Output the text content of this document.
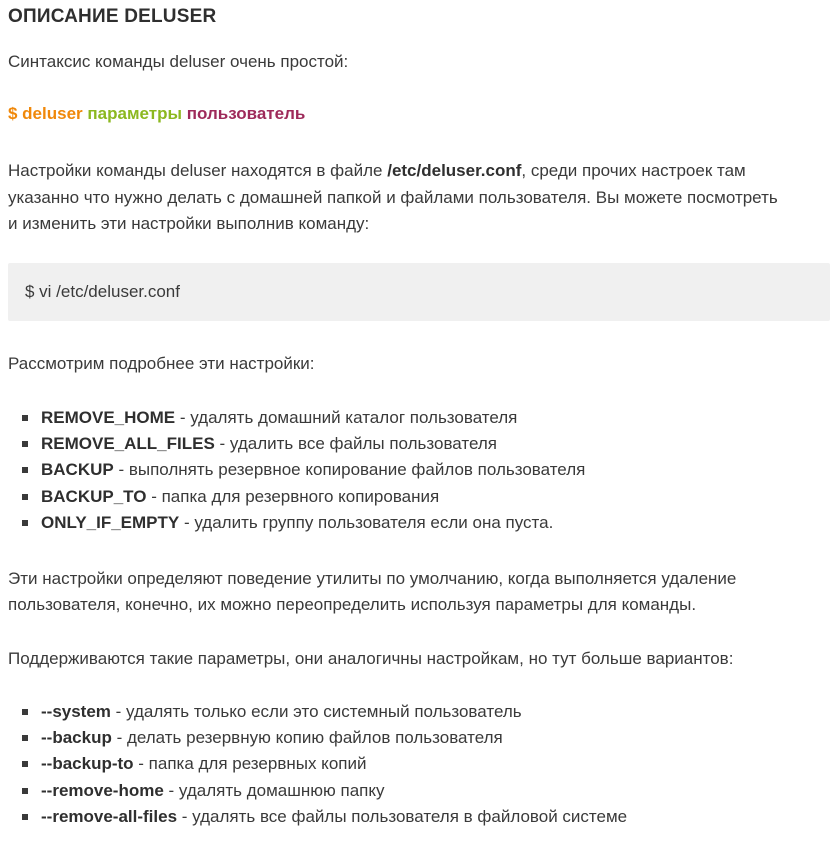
ОПИСАНИЕ DELUSER
Синтаксис команды deluser очень простой:
$ deluser параметры пользователь
Настройки команды deluser находятся в файле /etc/deluser.conf, среди прочих настроек там
указанно что нужно делать с домашней папкой и файлами пользователя. Вы можете посмотреть
и изменить эти настройки выполнив команду:
$ vi /etc/deluser.conf
Рассмотрим подробнее эти настройки:
REMOVE_HOME - удалять домашний каталог пользователя
REMOVE_ALL_FILES - удалить все файлы пользователя
BACKUP - выполнять резервное копирование файлов пользователя
BACKUP_TO - папка для резервного копирования
ONLY_IF_EMPTY - удалить группу пользователя если она пуста.
Эти настройки определяют поведение утилиты по умолчанию, когда выполняется удаление
пользователя, конечно, их можно переопределить используя параметры для команды.
Поддерживаются такие параметры, они аналогичны настройкам, но тут больше вариантов:
--system - удалять только если это системный пользователь
--backup - делать резервную копию файлов пользователя
--backup-to - папка для резервных копий
--remove-home - удалять домашнюю папку
--remove-all-files - удалять все файлы пользователя в файловой системе
